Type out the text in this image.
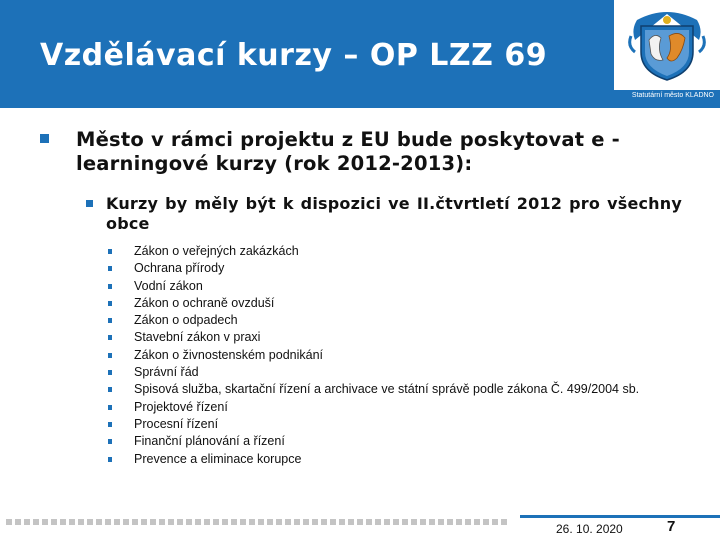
Vzdělávací kurzy – OP LZZ 69
Statutární město KLADNO
Město v rámci projektu z EU bude poskytovat e -learningové kurzy (rok 2012-2013):
Kurzy by měly být k dispozici ve II.čtvrtletí 2012 pro všechny obce
Zákon o veřejných zakázkách
Ochrana přírody
Vodní zákon
Zákon o ochraně ovzduší
Zákon o odpadech
Stavební zákon v praxi
Zákon o živnostenském podnikání
Správní řád
Spisová služba, skartační řízení a archivace ve státní správě podle zákona Č. 499/2004 sb.
Projektové řízení
Procesní řízení
Finanční plánování a řízení
Prevence a eliminace korupce
26. 10. 2020	7
